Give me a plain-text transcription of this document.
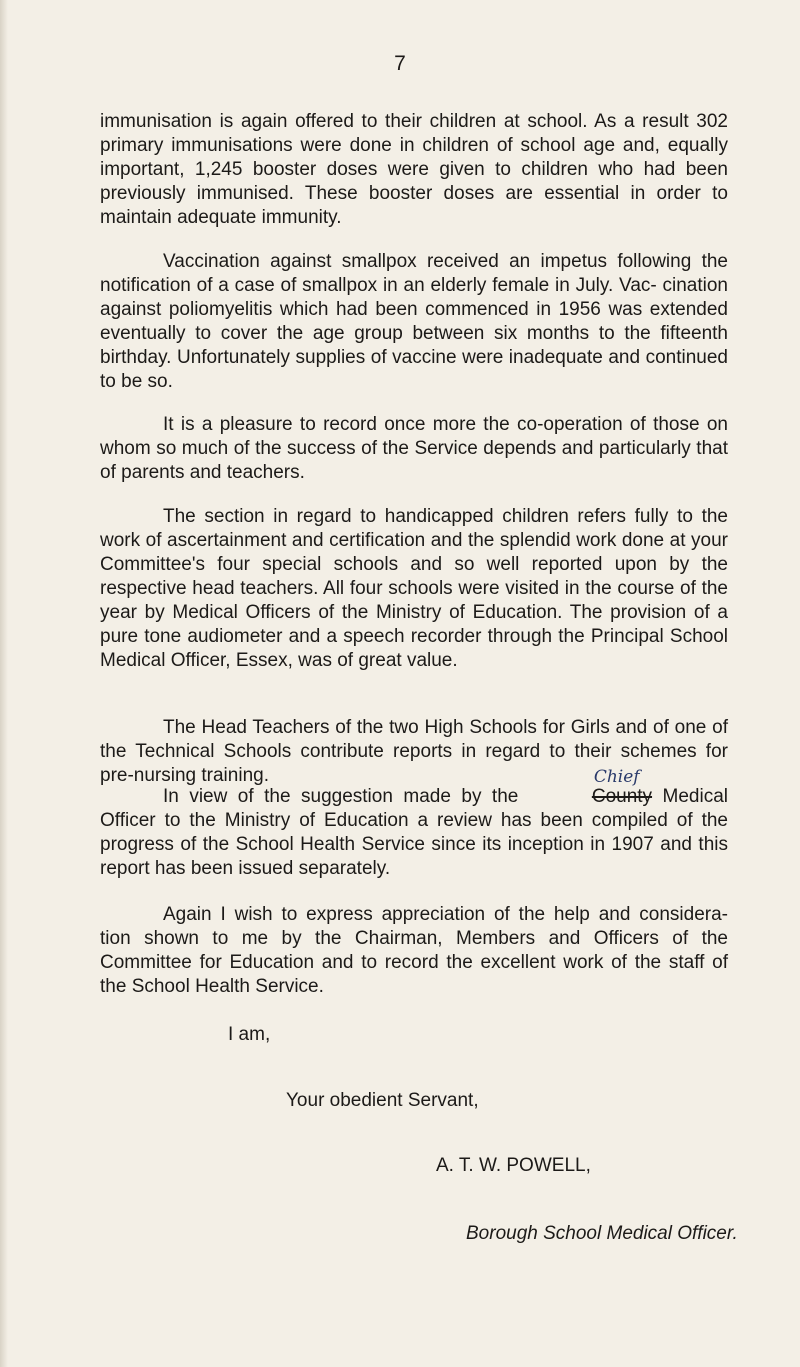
7

immunisation is again offered to their children at school. As a result 302 primary immunisations were done in children of school age and, equally important, 1,245 booster doses were given to children who had been previously immunised. These booster doses are essential in order to maintain adequate immunity.

Vaccination against smallpox received an impetus following the notification of a case of smallpox in an elderly female in July. Vac- cination against poliomyelitis which had been commenced in 1956 was extended eventually to cover the age group between six months to the fifteenth birthday. Unfortunately supplies of vaccine were inadequate and continued to be so.

It is a pleasure to record once more the co-operation of those on whom so much of the success of the Service depends and particularly that of parents and teachers.

The section in regard to handicapped children refers fully to the work of ascertainment and certification and the splendid work done at your Committee's four special schools and so well reported upon by the respective head teachers. All four schools were visited in the course of the year by Medical Officers of the Ministry of Education. The provision of a pure tone audiometer and a speech recorder through the Principal School Medical Officer, Essex, was of great value.

The Head Teachers of the two High Schools for Girls and of one of the Technical Schools contribute reports in regard to their schemes for pre-nursing training.

In view of the suggestion made by the
Chief
County Medical Officer to the Ministry of Education a review has been compiled of the progress of the School Health Service since its inception in 1907 and this report has been issued separately.

Again I wish to express appreciation of the help and considera- tion shown to me by the Chairman, Members and Officers of the Committee for Education and to record the excellent work of the staff of the School Health Service.

I am,
Your obedient Servant,
A. T. W. POWELL,
Borough School Medical Officer.
